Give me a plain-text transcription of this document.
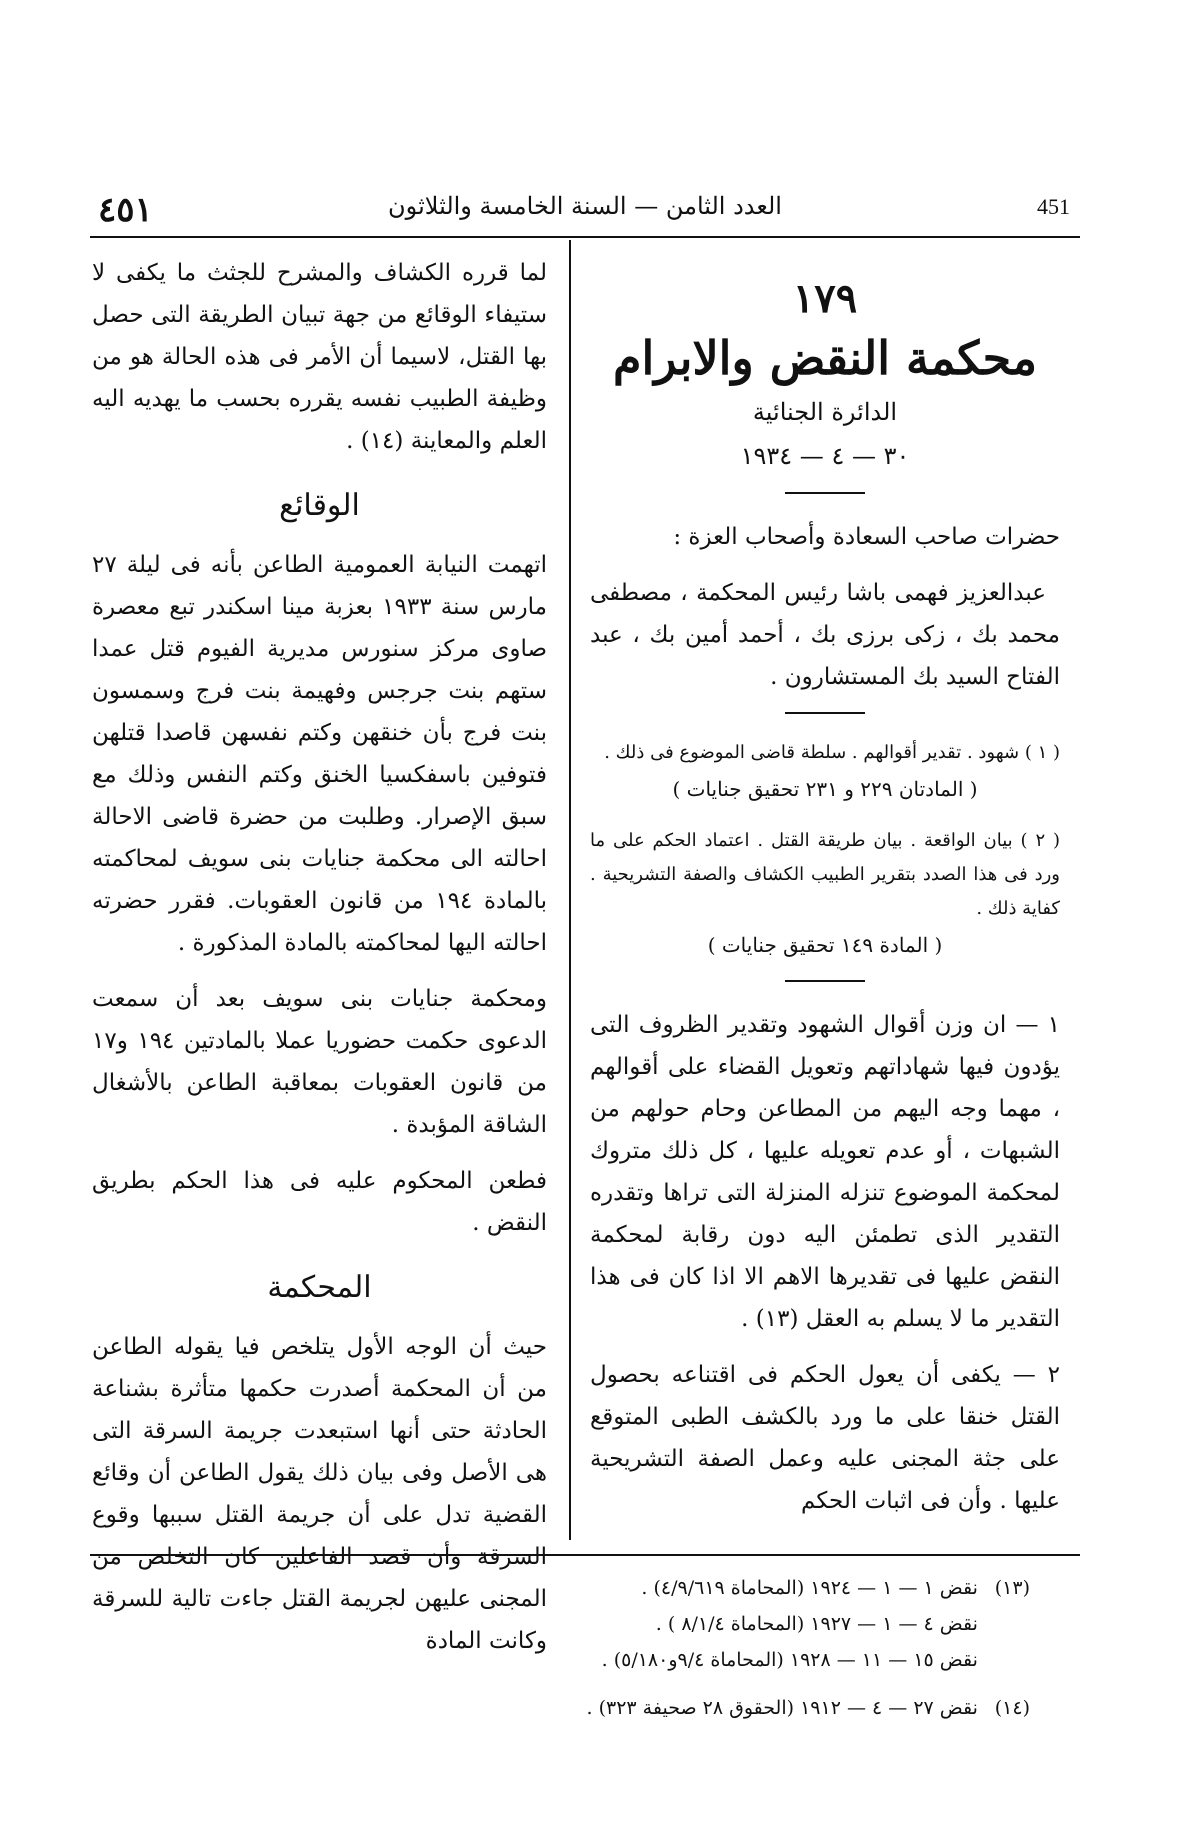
٤٥١	العدد الثامن — السنة الخامسة والثلاثون	451
١٧٩
محكمة النقض والابرام
الدائرة الجنائية
٣٠ — ٤ — ١٩٣٤

حضرات صاحب السعادة وأصحاب العزة :

عبدالعزيز فهمى باشا رئيس المحكمة ، مصطفى محمد بك ، زكى برزى بك ، أحمد أمين بك ، عبد الفتاح السيد بك المستشارون .

( ١ ) شهود . تقدير أقوالهم . سلطة قاضى الموضوع فى ذلك .

( المادتان ٢٢٩ و ٢٣١ تحقيق جنايات )

( ٢ ) بيان الواقعة . بيان طريقة القتل . اعتماد الحكم على ما ورد فى هذا الصدد بتقرير الطبيب الكشاف والصفة التشريحية . كفاية ذلك .

( المادة ١٤٩ تحقيق جنايات )

١ — ان وزن أقوال الشهود وتقدير الظروف التى يؤدون فيها شهاداتهم وتعويل القضاء على أقوالهم ، مهما وجه اليهم من المطاعن وحام حولهم من الشبهات ، أو عدم تعويله عليها ، كل ذلك متروك لمحكمة الموضوع تنزله المنزلة التى تراها وتقدره التقدير الذى تطمئن اليه دون رقابة لمحكمة النقض عليها فى تقديرها الاهم الا اذا كان فى هذا التقدير ما لا يسلم به العقل (١٣) .

٢ — يكفى أن يعول الحكم فى اقتناعه بحصول القتل خنقا على ما ورد بالكشف الطبى المتوقع على جثة المجنى عليه وعمل الصفة التشريحية عليها . وأن فى اثبات الحكم

لما قرره الكشاف والمشرح للجثث ما يكفى لا ستيفاء الوقائع من جهة تبيان الطريقة التى حصل بها القتل، لاسيما أن الأمر فى هذه الحالة هو من وظيفة الطبيب نفسه يقرره بحسب ما يهديه اليه العلم والمعاينة (١٤) .

الوقائع

اتهمت النيابة العمومية الطاعن بأنه فى ليلة ٢٧ مارس سنة ١٩٣٣ بعزبة مينا اسكندر تبع معصرة صاوى مركز سنورس مديرية الفيوم قتل عمدا ستهم بنت جرجس وفهيمة بنت فرج وسمسون بنت فرج بأن خنقهن وكتم نفسهن قاصدا قتلهن فتوفين باسفكسيا الخنق وكتم النفس وذلك مع سبق الإصرار. وطلبت من حضرة قاضى الاحالة احالته الى محكمة جنايات بنى سويف لمحاكمته بالمادة ١٩٤ من قانون العقوبات. فقرر حضرته احالته اليها لمحاكمته بالمادة المذكورة .

ومحكمة جنايات بنى سويف بعد أن سمعت الدعوى حكمت حضوريا عملا بالمادتين ١٩٤ و١٧ من قانون العقوبات بمعاقبة الطاعن بالأشغال الشاقة المؤبدة .

فطعن المحكوم عليه فى هذا الحكم بطريق النقض .

المحكمة

حيث أن الوجه الأول يتلخص فيا يقوله الطاعن من أن المحكمة أصدرت حكمها متأثرة بشناعة الحادثة حتى أنها استبعدت جريمة السرقة التى هى الأصل وفى بيان ذلك يقول الطاعن أن وقائع القضية تدل على أن جريمة القتل سببها وقوع السرقة وأن قصد الفاعلين كان التخلص من المجنى عليهن لجريمة القتل جاءت تالية للسرقة وكانت المادة

(١٣) نقض ١ — ١ — ١٩٢٤ (المحاماة ٤/٩/٦١٩) .
نقض ٤ — ١ — ١٩٢٧ (المحاماة ٨/١/٤ ) .
نقض ١٥ — ١١ — ١٩٢٨ (المحاماة ٩/٤و٥/١٨٠) .
(١٤) نقض ٢٧ — ٤ — ١٩١٢ (الحقوق ٢٨ صحيفة ٣٢٣) .
